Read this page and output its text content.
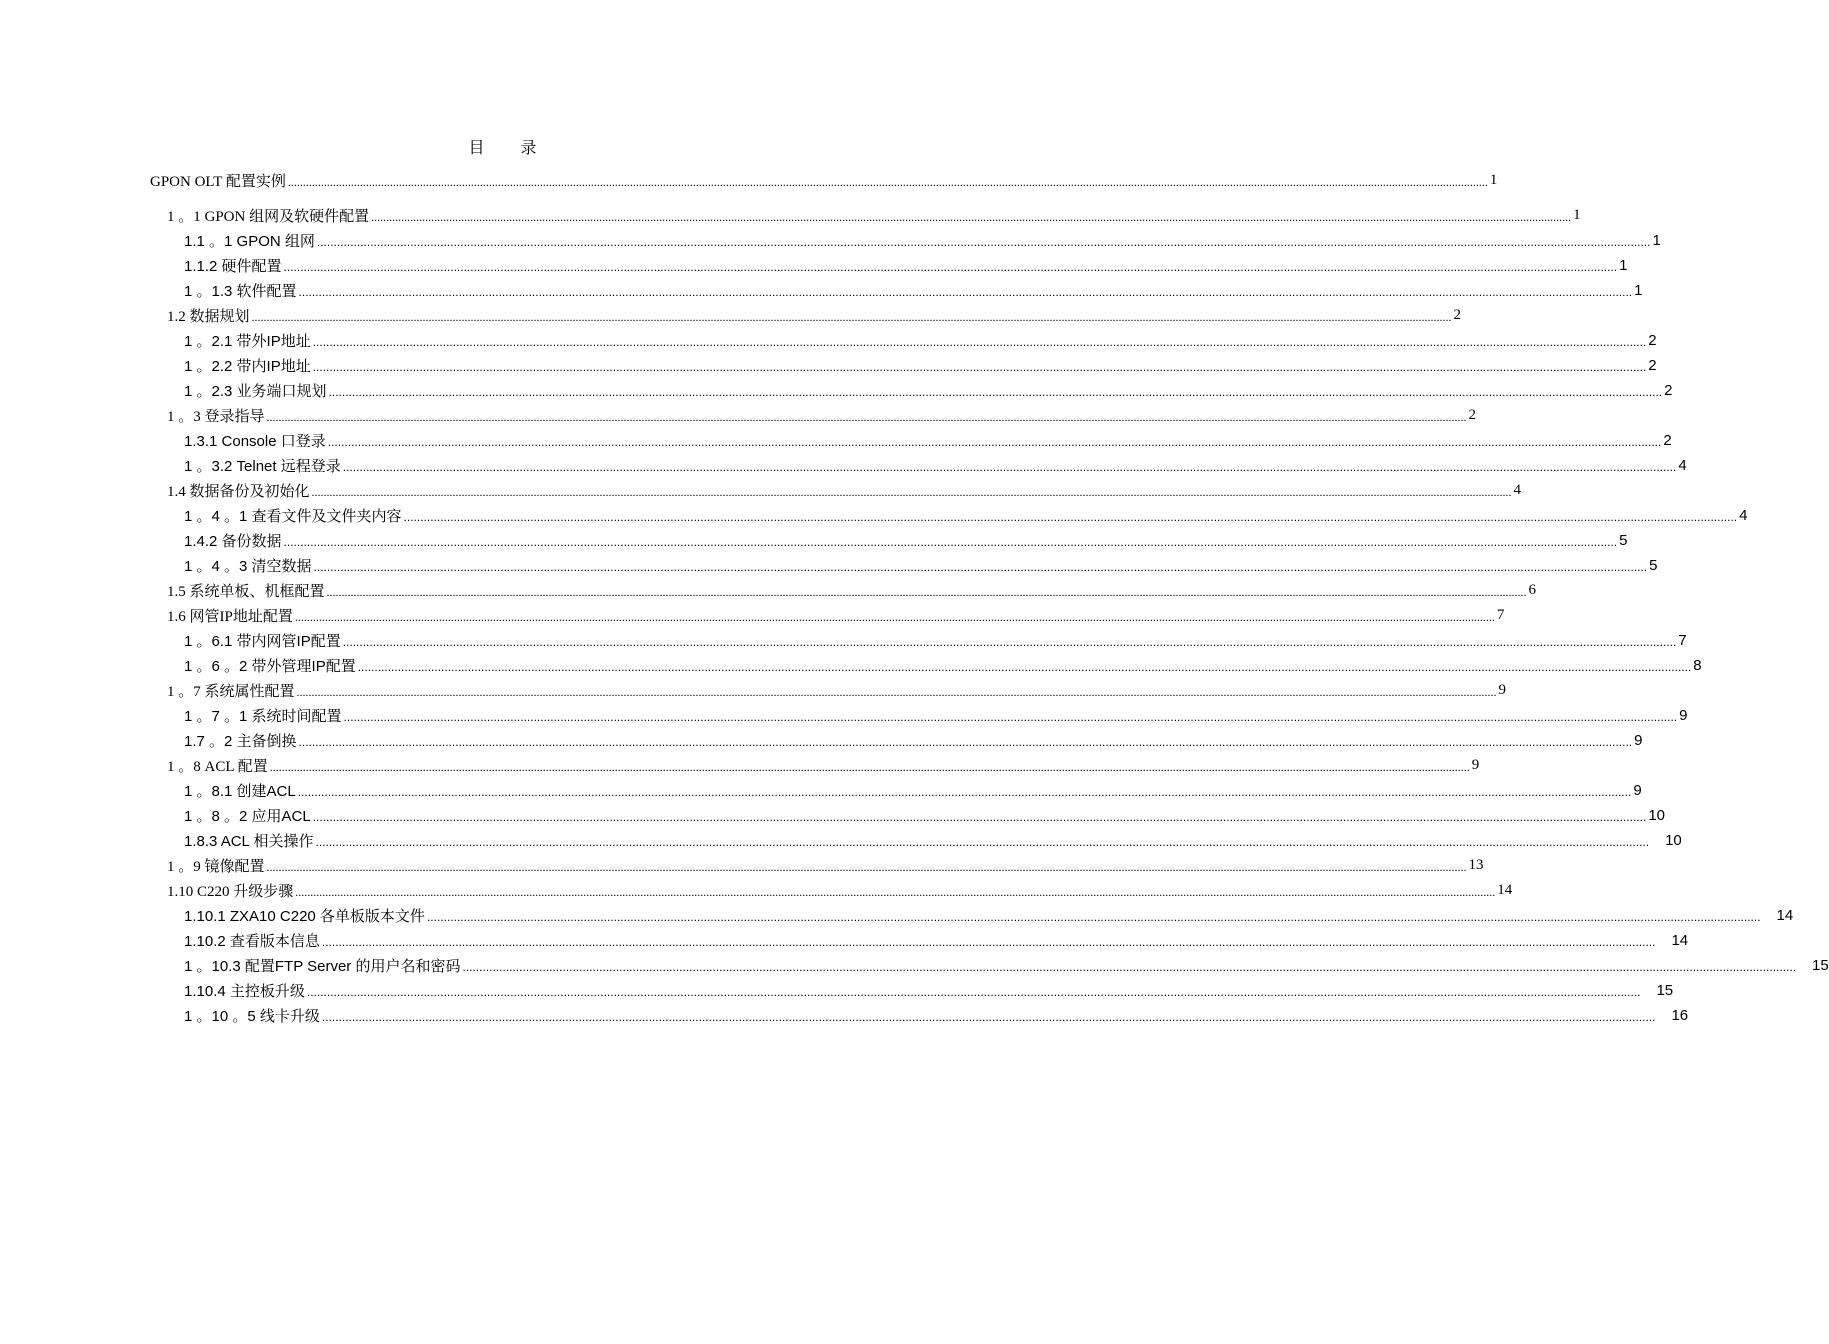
目 录
GPON OLT 配置实例 ................................................................................................................................................................................................................................................................................................................................................................................................................ 1
1 。1 GPON 组网及软硬件配置 ................................................................................................................................................................................................................................................................................................................................................................................................................ 1
1.1 。1 GPON 组网 ................................................................................................................................................................................................................................................................................................................................................................................................................ 1
1.1.2 硬件配置 ................................................................................................................................................................................................................................................................................................................................................................................................................ 1
1 。1.3 软件配置 ................................................................................................................................................................................................................................................................................................................................................................................................................ 1
1.2 数据规划 ................................................................................................................................................................................................................................................................................................................................................................................................................ 2
1 。2.1 带外IP地址 ................................................................................................................................................................................................................................................................................................................................................................................................................ 2
1 。2.2 带内IP地址 ................................................................................................................................................................................................................................................................................................................................................................................................................ 2
1 。2.3 业务端口规划 ................................................................................................................................................................................................................................................................................................................................................................................................................ 2
1 。3 登录指导 ................................................................................................................................................................................................................................................................................................................................................................................................................ 2
1.3.1 Console 口登录 ................................................................................................................................................................................................................................................................................................................................................................................................................ 2
1 。3.2 Telnet 远程登录 ................................................................................................................................................................................................................................................................................................................................................................................................................ 4
1.4 数据备份及初始化 ................................................................................................................................................................................................................................................................................................................................................................................................................ 4
1 。4 。1 查看文件及文件夹内容 ................................................................................................................................................................................................................................................................................................................................................................................................................ 4
1.4.2 备份数据 ................................................................................................................................................................................................................................................................................................................................................................................................................ 5
1 。4 。3 清空数据 ................................................................................................................................................................................................................................................................................................................................................................................................................ 5
1.5 系统单板、机框配置 ................................................................................................................................................................................................................................................................................................................................................................................................................ 6
1.6 网管IP地址配置 ................................................................................................................................................................................................................................................................................................................................................................................................................ 7
1 。6.1 带内网管IP配置 ................................................................................................................................................................................................................................................................................................................................................................................................................ 7
1 。6 。2 带外管理IP配置 ................................................................................................................................................................................................................................................................................................................................................................................................................ 8
1 。7 系统属性配置 ................................................................................................................................................................................................................................................................................................................................................................................................................ 9
1 。7 。1 系统时间配置 ................................................................................................................................................................................................................................................................................................................................................................................................................ 9
1.7 。2 主备倒换 ................................................................................................................................................................................................................................................................................................................................................................................................................ 9
1 。8 ACL 配置 ................................................................................................................................................................................................................................................................................................................................................................................................................ 9
1 。8.1 创建ACL ................................................................................................................................................................................................................................................................................................................................................................................................................ 9
1 。8 。2 应用ACL ................................................................................................................................................................................................................................................................................................................................................................................................................ 10
1.8.3 ACL 相关操作 ................................................................................................................................................................................................................................................................................................................................................................................................................ 10
1 。9 镜像配置 ................................................................................................................................................................................................................................................................................................................................................................................................................ 13
1.10 C220 升级步骤 ................................................................................................................................................................................................................................................................................................................................................................................................................ 14
1.10.1 ZXA10 C220 各单板版本文件 ................................................................................................................................................................................................................................................................................................................................................................................................................ 14
1.10.2 查看版本信息 ................................................................................................................................................................................................................................................................................................................................................................................................................ 14
1 。10.3 配置FTP Server 的用户名和密码 ................................................................................................................................................................................................................................................................................................................................................................................................................ 15
1.10.4 主控板升级 ................................................................................................................................................................................................................................................................................................................................................................................................................ 15
1 。10 。5 线卡升级 ................................................................................................................................................................................................................................................................................................................................................................................................................ 16
